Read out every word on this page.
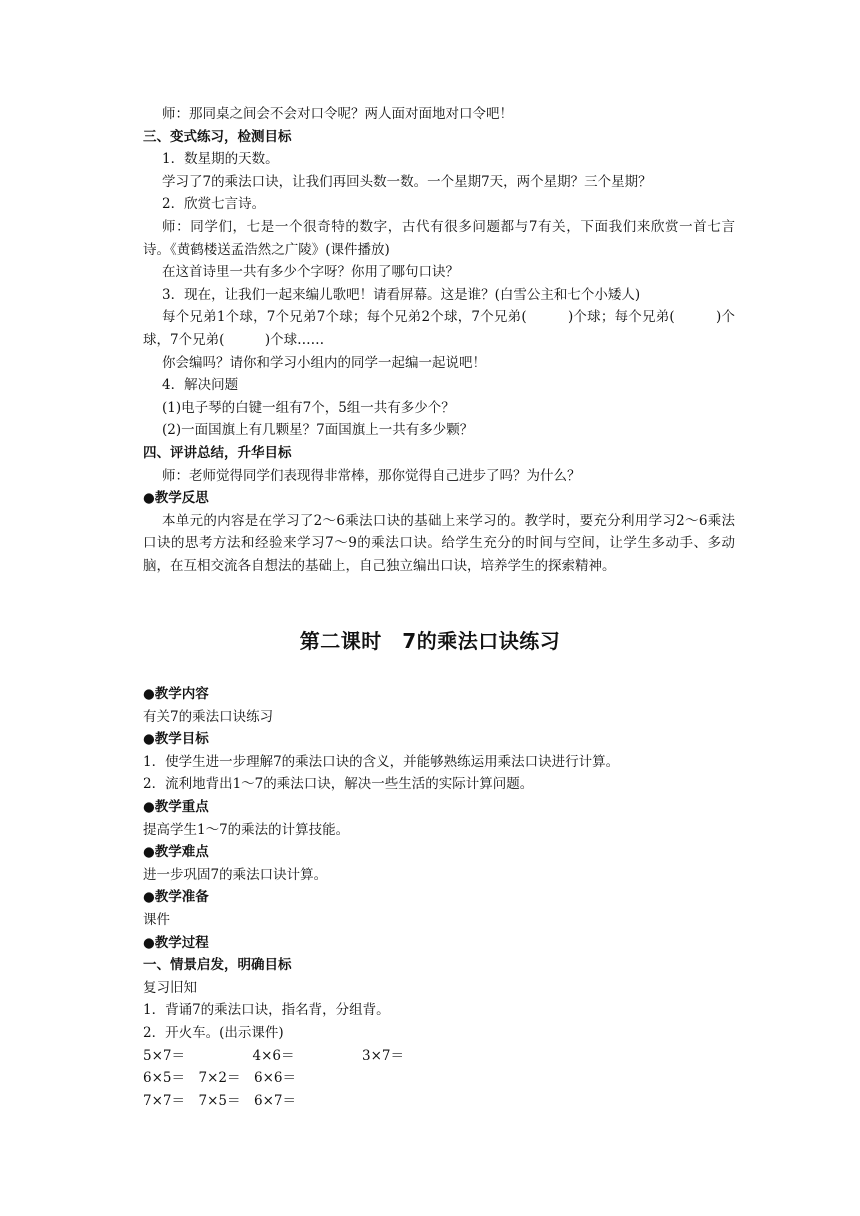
师：那同桌之间会不会对口令呢？两人面对面地对口令吧！

三、变式练习，检测目标

1．数星期的天数。

学习了7的乘法口诀，让我们再回头数一数。一个星期7天，两个星期？三个星期？

2．欣赏七言诗。

师：同学们，七是一个很奇特的数字，古代有很多问题都与7有关，下面我们来欣赏一首七言诗。《黄鹤楼送孟浩然之广陵》(课件播放)

在这首诗里一共有多少个字呀？你用了哪句口诀？

3．现在，让我们一起来编儿歌吧！请看屏幕。这是谁？(白雪公主和七个小矮人)

每个兄弟1个球，7个兄弟7个球；每个兄弟2个球，7个兄弟(　　　)个球；每个兄弟(　　　)个球，7个兄弟(　　　)个球……

你会编吗？请你和学习小组内的同学一起编一起说吧！

4．解决问题

(1)电子琴的白键一组有7个，5组一共有多少个？

(2)一面国旗上有几颗星？7面国旗上一共有多少颗？

四、评讲总结，升华目标

师：老师觉得同学们表现得非常棒，那你觉得自己进步了吗？为什么？

●教学反思

本单元的内容是在学习了2～6乘法口诀的基础上来学习的。教学时，要充分利用学习2～6乘法口诀的思考方法和经验来学习7～9的乘法口诀。给学生充分的时间与空间，让学生多动手、多动脑，在互相交流各自想法的基础上，自己独立编出口诀，培养学生的探索精神。

第二课时　7的乘法口诀练习

●教学内容

有关7的乘法口诀练习

●教学目标

1．使学生进一步理解7的乘法口诀的含义，并能够熟练运用乘法口诀进行计算。

2．流利地背出1～7的乘法口诀，解决一些生活的实际计算问题。

●教学重点

提高学生1～7的乘法的计算技能。

●教学难点

进一步巩固7的乘法口诀计算。

●教学准备

课件

●教学过程

一、情景启发，明确目标

复习旧知

1．背诵7的乘法口诀，指名背，分组背。

2．开火车。(出示课件)

5×7＝　　　　　4×6＝　　　　　3×7＝

6×5＝　7×2＝　6×6＝

7×7＝　7×5＝　6×7＝
